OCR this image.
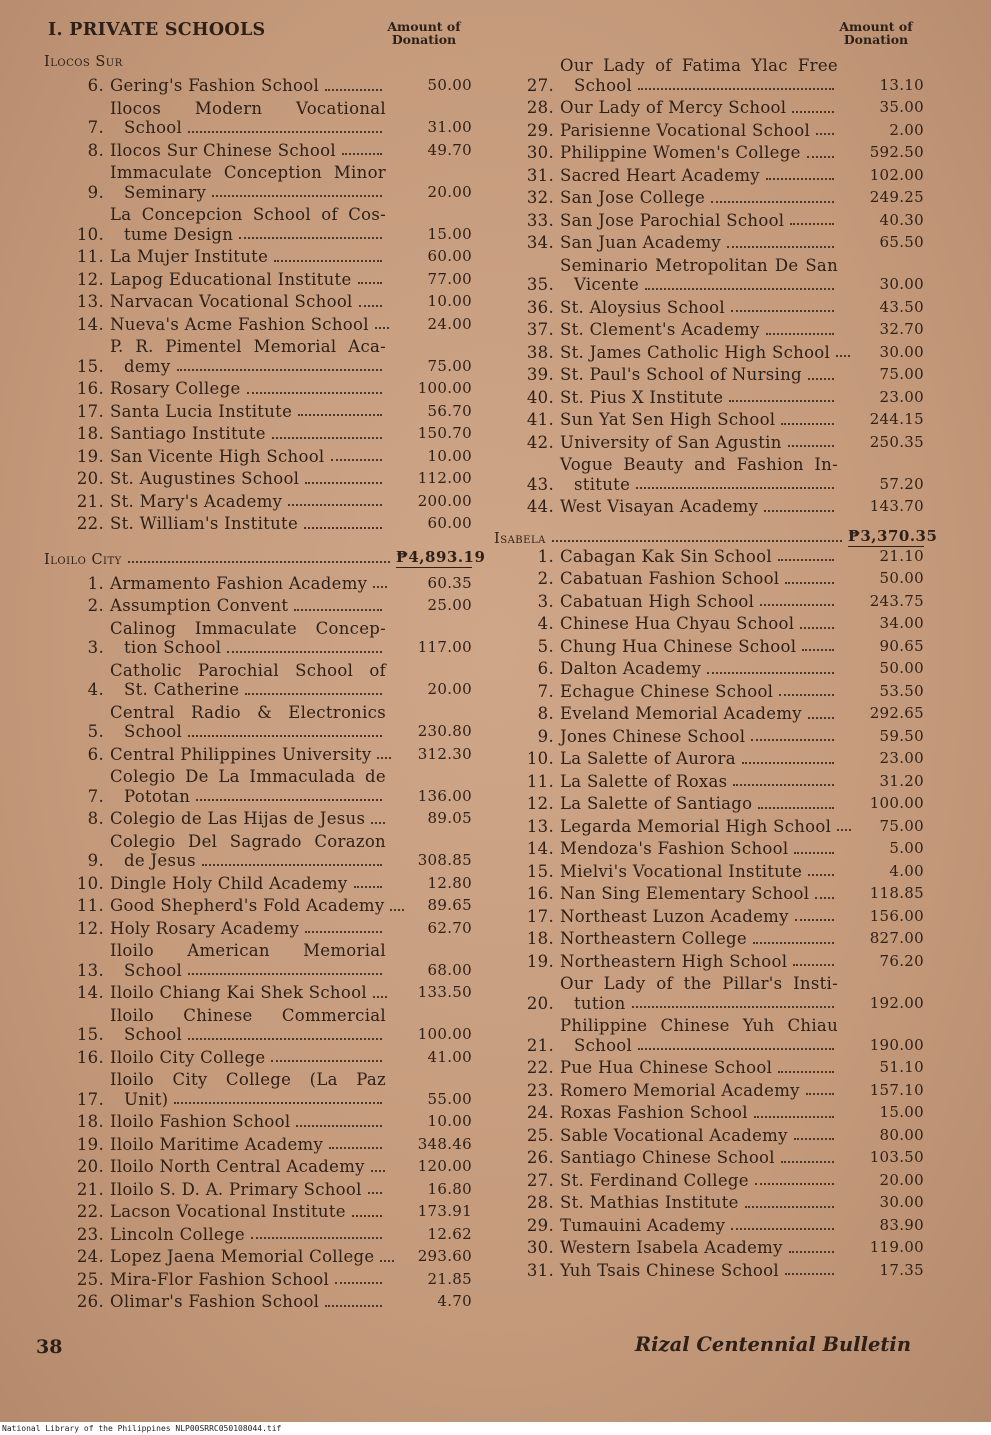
I. PRIVATE SCHOOLS	Amount of
Donation
Ilocos Sur
6. Gering's Fashion School	50.00
7.
Ilocos Modern Vocational
School	31.00
8. Ilocos Sur Chinese School	49.70
9.
Immaculate Conception Minor
Seminary	20.00
10.
La Concepcion School of Cos-
tume Design	15.00
11. La Mujer Institute	60.00
12. Lapog Educational Institute	77.00
13. Narvacan Vocational School	10.00
14. Nueva's Acme Fashion School	24.00
15.
P. R. Pimentel Memorial Aca-
demy	75.00
16. Rosary College	100.00
17. Santa Lucia Institute	56.70
18. Santiago Institute	150.70
19. San Vicente High School	10.00
20. St. Augustines School	112.00
21. St. Mary's Academy	200.00
22. St. William's Institute	60.00
Iloilo City	₱4,893.19
1. Armamento Fashion Academy	60.35
2. Assumption Convent	25.00
3.
Calinog Immaculate Concep-
tion School	117.00
4.
Catholic Parochial School of
St. Catherine	20.00
5.
Central Radio & Electronics
School	230.80
6. Central Philippines University	312.30
7.
Colegio De La Immaculada de
Pototan	136.00
8. Colegio de Las Hijas de Jesus	89.05
9.
Colegio Del Sagrado Corazon
de Jesus	308.85
10. Dingle Holy Child Academy	12.80
11. Good Shepherd's Fold Academy	89.65
12. Holy Rosary Academy	62.70
13.
Iloilo American Memorial
School	68.00
14. Iloilo Chiang Kai Shek School	133.50
15.
Iloilo Chinese Commercial
School	100.00
16. Iloilo City College	41.00
17.
Iloilo City College (La Paz
Unit)	55.00
18. Iloilo Fashion School	10.00
19. Iloilo Maritime Academy	348.46
20. Iloilo North Central Academy	120.00
21. Iloilo S. D. A. Primary School	16.80
22. Lacson Vocational Institute	173.91
23. Lincoln College	12.62
24. Lopez Jaena Memorial College	293.60
25. Mira-Flor Fashion School	21.85
26. Olimar's Fashion School	4.70
Amount of
Donation
27.
Our Lady of Fatima Ylac Free
School	13.10
28. Our Lady of Mercy School	35.00
29. Parisienne Vocational School	2.00
30. Philippine Women's College	592.50
31. Sacred Heart Academy	102.00
32. San Jose College	249.25
33. San Jose Parochial School	40.30
34. San Juan Academy	65.50
35.
Seminario Metropolitan De San
Vicente	30.00
36. St. Aloysius School	43.50
37. St. Clement's Academy	32.70
38. St. James Catholic High School	30.00
39. St. Paul's School of Nursing	75.00
40. St. Pius X Institute	23.00
41. Sun Yat Sen High School	244.15
42. University of San Agustin	250.35
43.
Vogue Beauty and Fashion In-
stitute	57.20
44. West Visayan Academy	143.70
Isabela	₱3,370.35
1. Cabagan Kak Sin School	21.10
2. Cabatuan Fashion School	50.00
3. Cabatuan High School	243.75
4. Chinese Hua Chyau School	34.00
5. Chung Hua Chinese School	90.65
6. Dalton Academy	50.00
7. Echague Chinese School	53.50
8. Eveland Memorial Academy	292.65
9. Jones Chinese School	59.50
10. La Salette of Aurora	23.00
11. La Salette of Roxas	31.20
12. La Salette of Santiago	100.00
13. Legarda Memorial High School	75.00
14. Mendoza's Fashion School	5.00
15. Mielvi's Vocational Institute	4.00
16. Nan Sing Elementary School	118.85
17. Northeast Luzon Academy	156.00
18. Northeastern College	827.00
19. Northeastern High School	76.20
20.
Our Lady of the Pillar's Insti-
tution	192.00
21.
Philippine Chinese Yuh Chiau
School	190.00
22. Pue Hua Chinese School	51.10
23. Romero Memorial Academy	157.10
24. Roxas Fashion School	15.00
25. Sable Vocational Academy	80.00
26. Santiago Chinese School	103.50
27. St. Ferdinand College	20.00
28. St. Mathias Institute	30.00
29. Tumauini Academy	83.90
30. Western Isabela Academy	119.00
31. Yuh Tsais Chinese School	17.35
38	Rizal Centennial Bulletin
National Library of the Philippines NLP00SRRC050108044.tif
